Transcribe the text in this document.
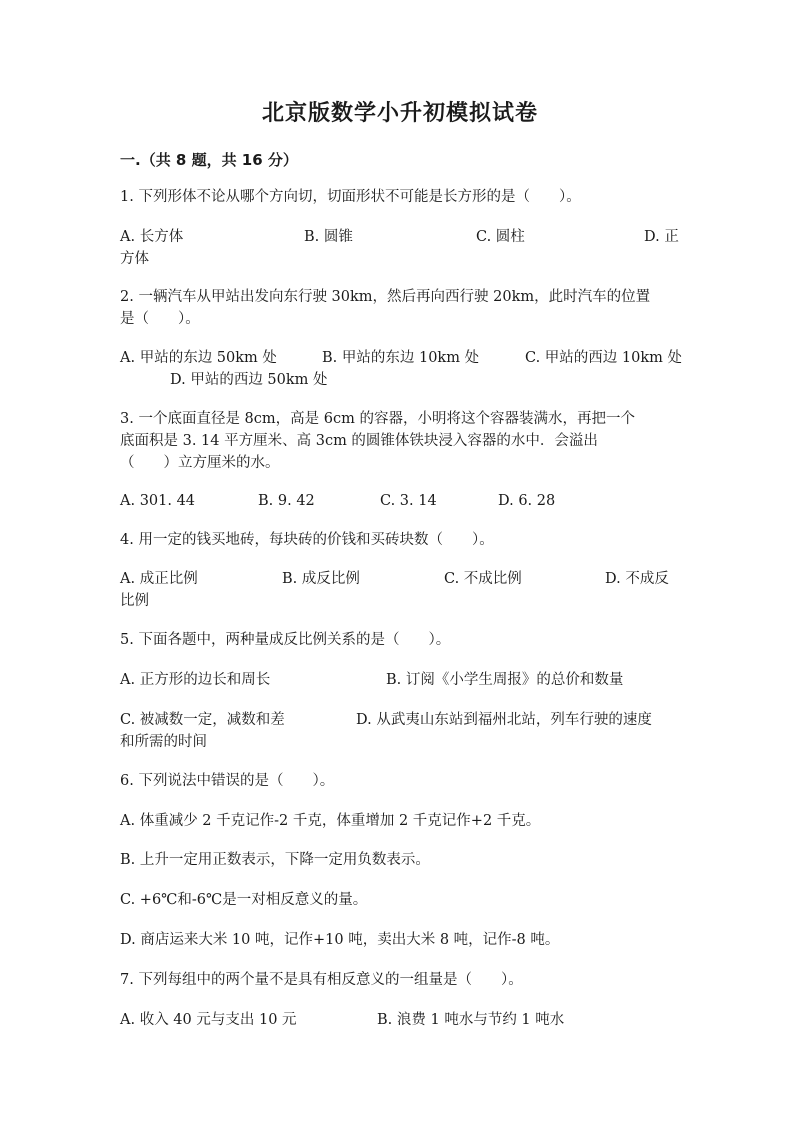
北京版数学小升初模拟试卷
一.（共 8 题，共 16 分）
1. 下列形体不论从哪个方向切，切面形状不可能是长方形的是（　　）。
A. 长方体	B. 圆锥	C. 圆柱	D. 正
方体
2. 一辆汽车从甲站出发向东行驶 30km，然后再向西行驶 20km，此时汽车的位置
是（　　）。
A. 甲站的东边 50km 处	B. 甲站的东边 10km 处	C. 甲站的西边 10km 处
D. 甲站的西边 50km 处
3. 一个底面直径是 8cm，高是 6cm 的容器，小明将这个容器装满水，再把一个
底面积是 3. 14 平方厘米、高 3cm 的圆锥体铁块浸入容器的水中．会溢出
（　　）立方厘米的水。
A. 301. 44	B. 9. 42	C. 3. 14	D. 6. 28
4. 用一定的钱买地砖，每块砖的价钱和买砖块数（　　）。
A. 成正比例	B. 成反比例	C. 不成比例	D. 不成反
比例
5. 下面各题中，两种量成反比例关系的是（　　）。
A. 正方形的边长和周长	B. 订阅《小学生周报》的总价和数量
C. 被减数一定，减数和差	D. 从武夷山东站到福州北站，列车行驶的速度
和所需的时间
6. 下列说法中错误的是（　　）。
A. 体重减少 2 千克记作-2 千克，体重增加 2 千克记作+2 千克。
B. 上升一定用正数表示，下降一定用负数表示。
C. +6℃和-6℃是一对相反意义的量。
D. 商店运来大米 10 吨，记作+10 吨，卖出大米 8 吨，记作-8 吨。
7. 下列每组中的两个量不是具有相反意义的一组量是（　　）。
A. 收入 40 元与支出 10 元	B. 浪费 1 吨水与节约 1 吨水
